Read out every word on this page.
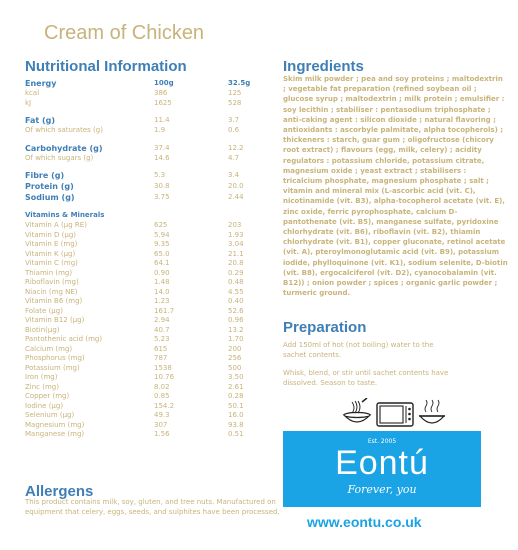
Cream of Chicken
Nutritional Information
Energy	100g	32.5g
kcal	386	125
kJ	1625	528
Fat (g)	11.4	3.7
Of which saturates (g)	1.9	0.6
Carbohydrate (g)	37.4	12.2
Of which sugars (g)	14.6	4.7
Fibre (g)	5.3	3.4
Protein (g)	30.8	20.0
Sodium (g)	3.75	2.44
Vitamins & Minerals
Vitamin A (µg RE)	625	203
Vitamin D (µg)	5.94	1.93
Vitamin E (mg)	9.35	3.04
Vitamin K (µg)	65.0	21.1
Vitamin C (mg)	64.1	20.8
Thiamin (mg)	0.90	0.29
Riboflavin (mg)	1.48	0.48
Niacin (mg NE)	14.0	4.55
Vitamin B6 (mg)	1.23	0.40
Folate (µg)	161.7	52.6
Vitamin B12 (µg)	2.94	0.96
Biotin(µg)	40.7	13.2
Pantothenic acid (mg)	5.23	1.70
Calcium (mg)	615	200
Phosphorus (mg)	787	256
Potassium (mg)	1538	500
Iron (mg)	10.76	3.50
Zinc (mg)	8.02	2.61
Copper (mg)	0.85	0.28
Iodine (µg)	154.2	50.1
Selenium (µg)	49.3	16.0
Magnesium (mg)	307	93.8
Manganese (mg)	1.56	0.51
Ingredients
Skim milk powder ; pea and soy proteins ; maltodextrin ; vegetable fat preparation (refined soybean oil ; glucose syrup ; maltodextrin ; milk protein ; emulsifier : soy lecithin ; stabiliser : pentasodium triphosphate ; anti-caking agent : silicon dioxide ; natural flavoring ; antioxidants : ascorbyle palmitate, alpha tocopherols) ; thickeners : starch, guar gum ; oligofructose (chicory root extract) ; flavours (egg, milk, celery) ; acidity regulators : potassium chloride, potassium citrate, magnesium oxide ; yeast extract ; stabilisers : tricalcium phosphate, magnesium phosphate ; salt ; vitamin and mineral mix (L-ascorbic acid (vit. C), nicotinamide (vit. B3), alpha-tocopherol acetate (vit. E), zinc oxide, ferric pyrophosphate, calcium D-pantothenate (vit. B5), manganese sulfate, pyridoxine chlorhydrate (vit. B6), riboflavin (vit. B2), thiamin chlorhydrate (vit. B1), copper gluconate, retinol acetate (vit. A), pteroylmonoglutamic acid (vit. B9), potassium iodide, phylloquinone (vit. K1), sodium selenite, D-biotin (vit. B8), ergocalciferol (vit. D2), cyanocobalamin (vit. B12)) ; onion powder ; spices ; organic garlic powder ; turmeric ground.
Preparation
Add 150ml of hot (not boiling) water to the sachet contents.
Whisk, blend, or stir until sachet contents have dissolved. Season to taste.
Est. 2005
Eontú
Forever, you
www.eontu.co.uk
Allergens
This product contains milk, soy, gluten, and tree nuts. Manufactured on equipment that celery, eggs, seeds, and sulphites have been processed.
